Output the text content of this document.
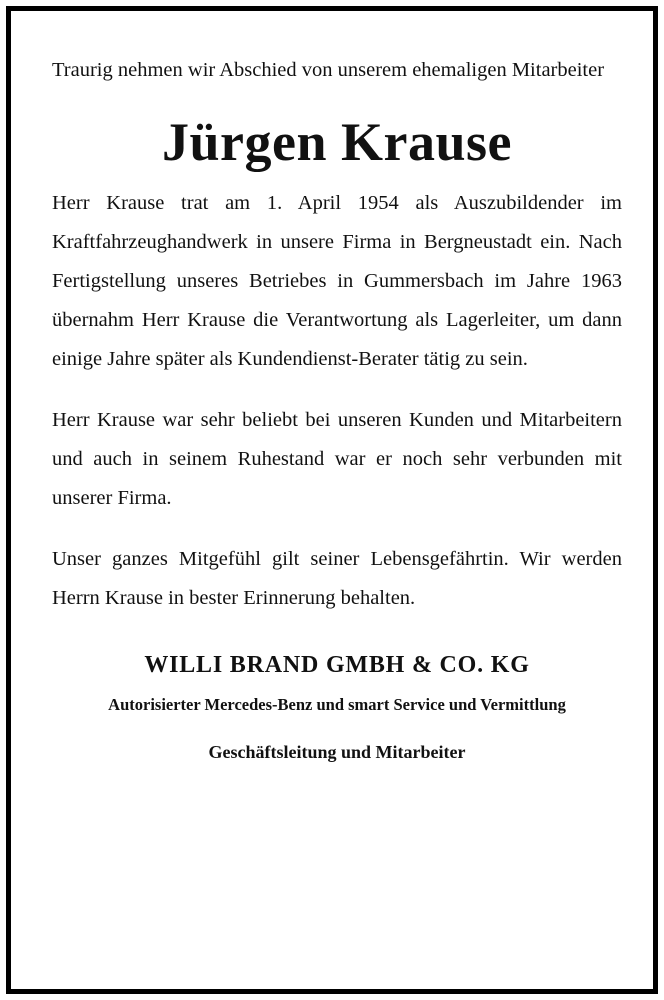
Traurig nehmen wir Abschied von unserem ehemaligen Mitarbeiter

Jürgen Krause

Herr Krause trat am 1. April 1954 als Auszubildender im Kraftfahrzeughandwerk in unsere Firma in Bergneustadt ein. Nach Fertigstellung unseres Betriebes in Gummersbach im Jahre 1963 übernahm Herr Krause die Verantwortung als Lagerleiter, um dann einige Jahre später als Kundendienst-Berater tätig zu sein.

Herr Krause war sehr beliebt bei unseren Kunden und Mitarbeitern und auch in seinem Ruhestand war er noch sehr verbunden mit unserer Firma.

Unser ganzes Mitgefühl gilt seiner Lebensgefährtin. Wir werden Herrn Krause in bester Erinnerung behalten.

WILLI BRAND GMBH & CO. KG
Autorisierter Mercedes-Benz und smart Service und Vermittlung
Geschäftsleitung und Mitarbeiter
